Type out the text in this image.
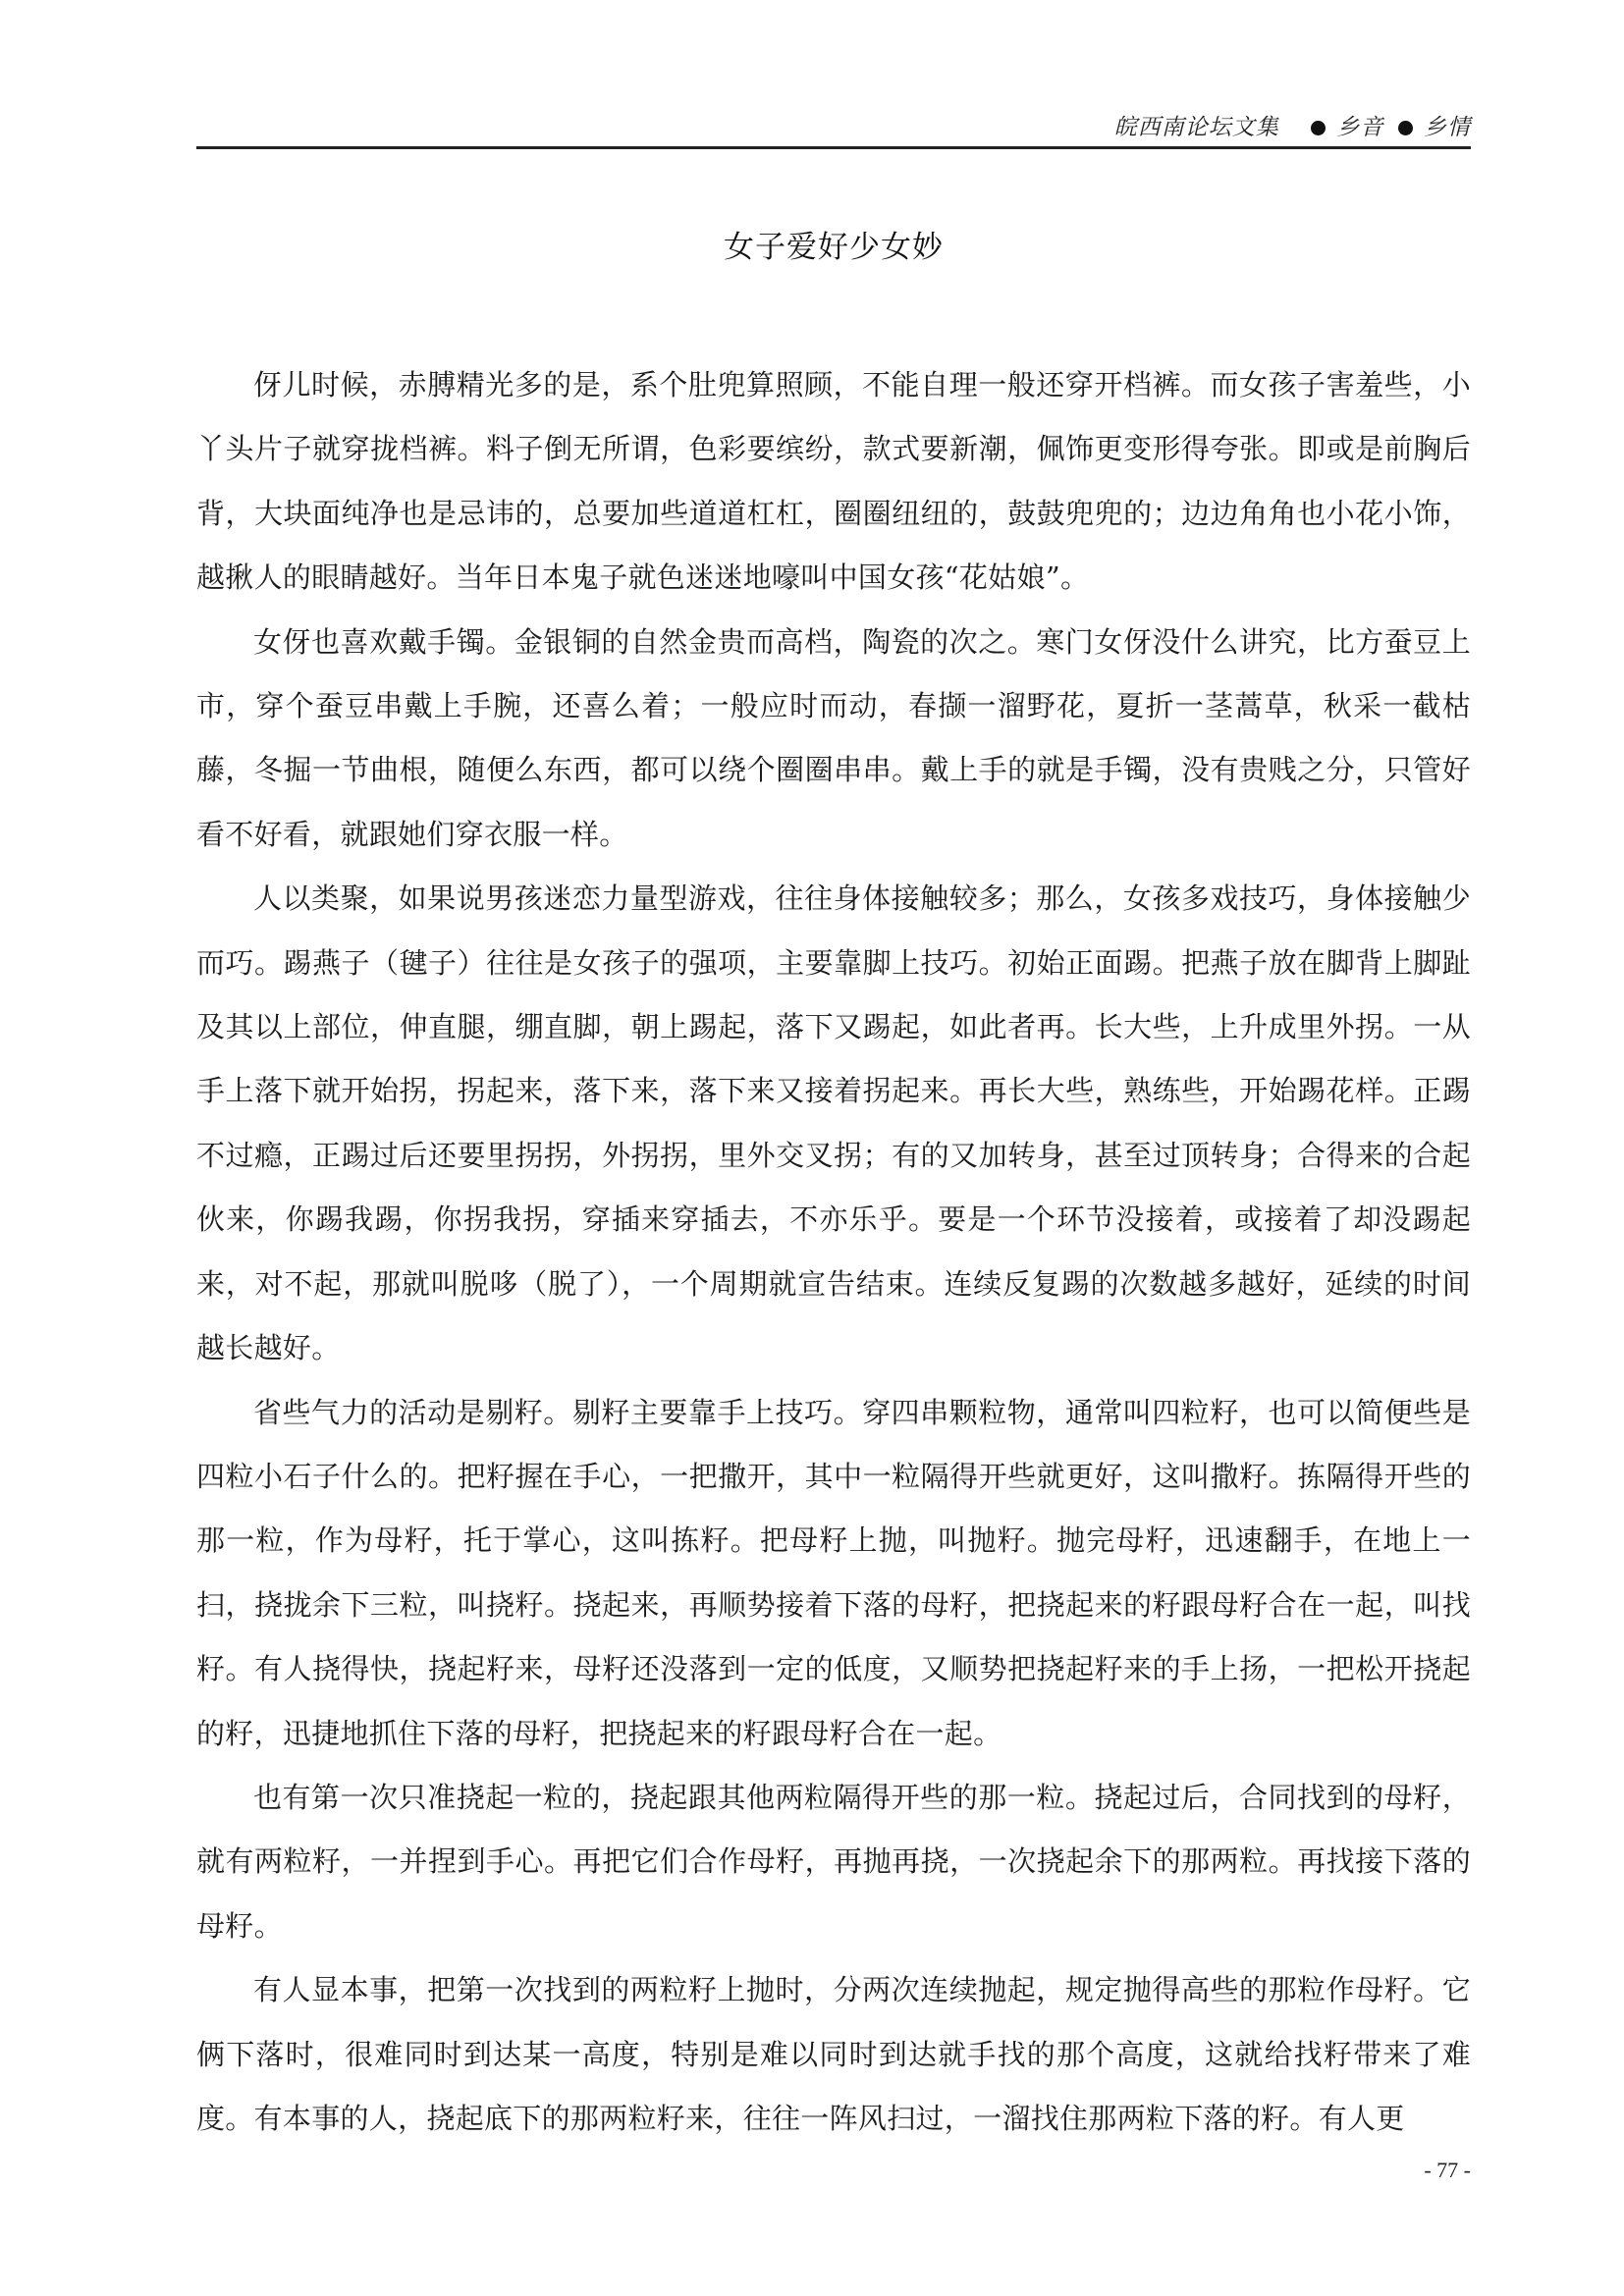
皖西南论坛文集	乡音 乡情
女子爱好少女妙

伢儿时候，赤膊精光多的是，系个肚兜算照顾，不能自理一般还穿开档裤。而女孩子害羞些，小丫头片子就穿拢档裤。料子倒无所谓，色彩要缤纷，款式要新潮，佩饰更变形得夸张。即或是前胸后背，大块面纯净也是忌讳的，总要加些道道杠杠，圈圈纽纽的，鼓鼓兜兜的；边边角角也小花小饰，越揪人的眼睛越好。当年日本鬼子就色迷迷地嚎叫中国女孩“花姑娘”。

女伢也喜欢戴手镯。金银铜的自然金贵而高档，陶瓷的次之。寒门女伢没什么讲究，比方蚕豆上市，穿个蚕豆串戴上手腕，还喜么着；一般应时而动，春撷一溜野花，夏折一茎蒿草，秋采一截枯藤，冬掘一节曲根，随便么东西，都可以绕个圈圈串串。戴上手的就是手镯，没有贵贱之分，只管好看不好看，就跟她们穿衣服一样。

人以类聚，如果说男孩迷恋力量型游戏，往往身体接触较多；那么，女孩多戏技巧，身体接触少而巧。踢燕子（毽子）往往是女孩子的强项，主要靠脚上技巧。初始正面踢。把燕子放在脚背上脚趾及其以上部位，伸直腿，绷直脚，朝上踢起，落下又踢起，如此者再。长大些，上升成里外拐。一从手上落下就开始拐，拐起来，落下来，落下来又接着拐起来。再长大些，熟练些，开始踢花样。正踢不过瘾，正踢过后还要里拐拐，外拐拐，里外交叉拐；有的又加转身，甚至过顶转身；合得来的合起伙来，你踢我踢，你拐我拐，穿插来穿插去，不亦乐乎。要是一个环节没接着，或接着了却没踢起来，对不起，那就叫脱哆（脱了），一个周期就宣告结束。连续反复踢的次数越多越好，延续的时间越长越好。

省些气力的活动是剔籽。剔籽主要靠手上技巧。穿四串颗粒物，通常叫四粒籽，也可以简便些是四粒小石子什么的。把籽握在手心，一把撒开，其中一粒隔得开些就更好，这叫撒籽。拣隔得开些的那一粒，作为母籽，托于掌心，这叫拣籽。把母籽上抛，叫抛籽。抛完母籽，迅速翻手，在地上一扫，挠拢余下三粒，叫挠籽。挠起来，再顺势接着下落的母籽，把挠起来的籽跟母籽合在一起，叫找籽。有人挠得快，挠起籽来，母籽还没落到一定的低度，又顺势把挠起籽来的手上扬，一把松开挠起的籽，迅捷地抓住下落的母籽，把挠起来的籽跟母籽合在一起。

也有第一次只准挠起一粒的，挠起跟其他两粒隔得开些的那一粒。挠起过后，合同找到的母籽，就有两粒籽，一并捏到手心。再把它们合作母籽，再抛再挠，一次挠起余下的那两粒。再找接下落的母籽。

有人显本事，把第一次找到的两粒籽上抛时，分两次连续抛起，规定抛得高些的那粒作母籽。它俩下落时，很难同时到达某一高度，特别是难以同时到达就手找的那个高度，这就给找籽带来了难度。有本事的人，挠起底下的那两粒籽来，往往一阵风扫过，一溜找住那两粒下落的籽。有人更

- 77 -
